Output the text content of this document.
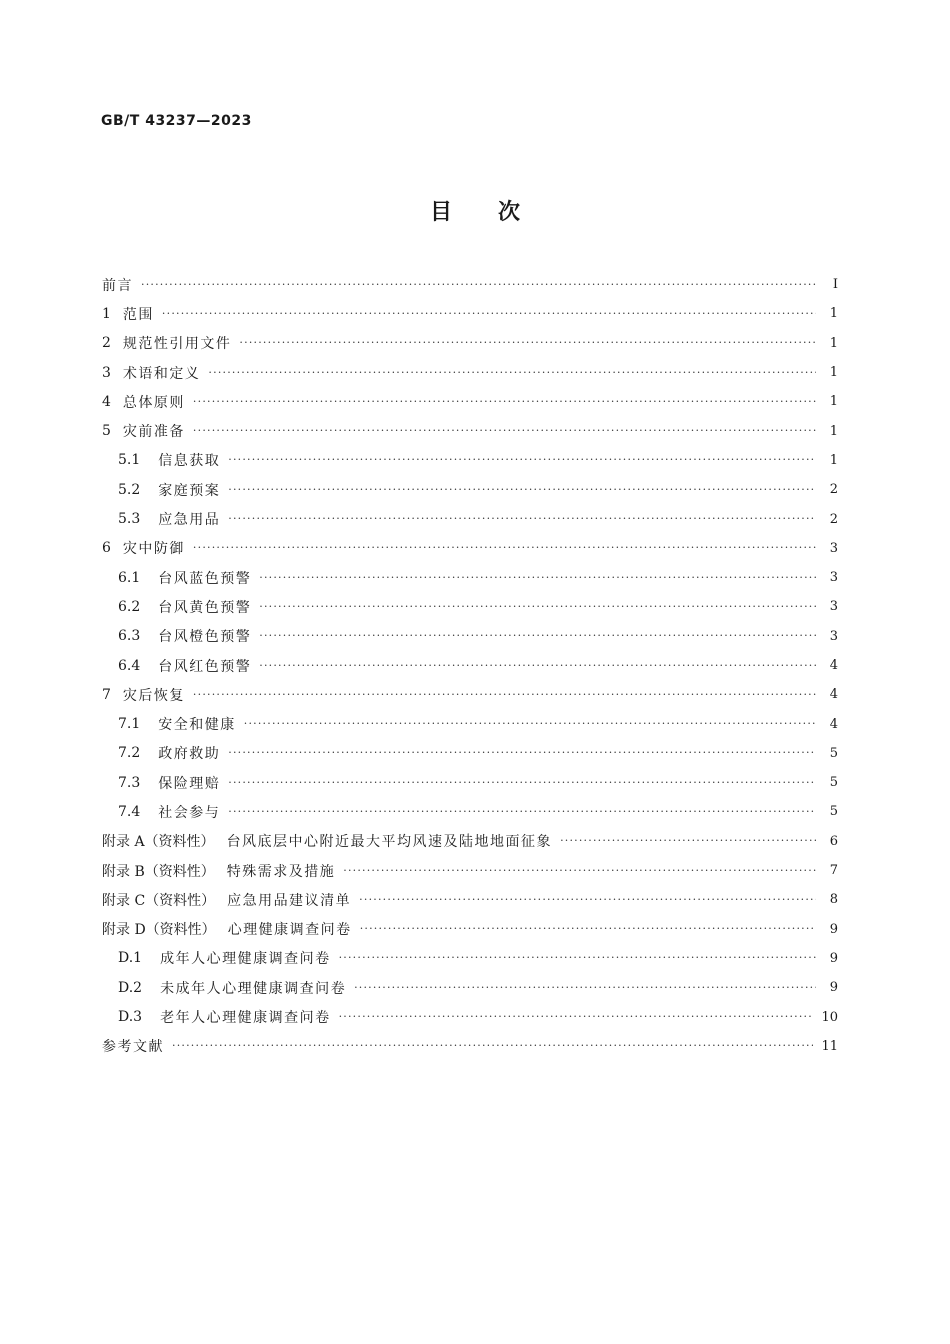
GB/T 43237—2023
目 次
前言 ·····	Ⅰ
1 范围 ·····	1
2 规范性引用文件 ·····	1
3 术语和定义 ·····	1
4 总体原则 ·····	1
5 灾前准备 ·····	1
5.1 信息获取 ·····	1
5.2 家庭预案 ·····	2
5.3 应急用品 ·····	2
6 灾中防御 ·····	3
6.1 台风蓝色预警 ·····	3
6.2 台风黄色预警 ·····	3
6.3 台风橙色预警 ·····	3
6.4 台风红色预警 ·····	4
7 灾后恢复 ·····	4
7.1 安全和健康 ·····	4
7.2 政府救助 ·····	5
7.3 保险理赔 ·····	5
7.4 社会参与 ·····	5
附录 A（资料性） 台风底层中心附近最大平均风速及陆地地面征象 ·····	6
附录 B（资料性） 特殊需求及措施 ·····	7
附录 C（资料性） 应急用品建议清单 ·····	8
附录 D（资料性） 心理健康调查问卷 ·····	9
D.1 成年人心理健康调查问卷 ·····	9
D.2 未成年人心理健康调查问卷 ·····	9
D.3 老年人心理健康调查问卷 ·····	10
参考文献 ·····	11
